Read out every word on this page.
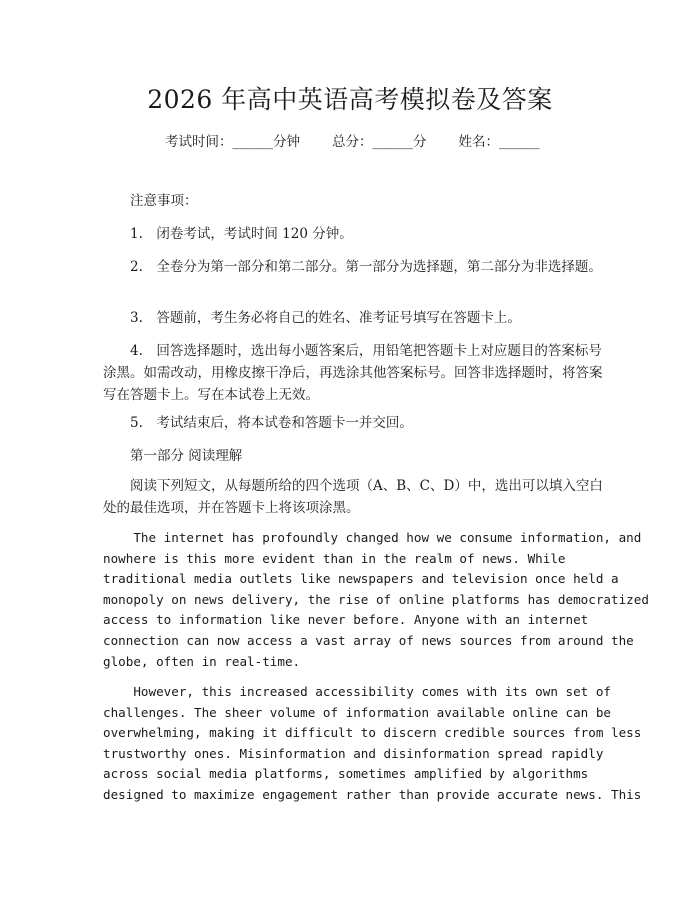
2026 年高中英语高考模拟卷及答案
考试时间：______分钟 总分：______分 姓名：______
注意事项：
1.　闭卷考试，考试时间 120 分钟。
2.　全卷分为第一部分和第二部分。第一部分为选择题，第二部分为非选择题。
3.　答题前，考生务必将自己的姓名、准考证号填写在答题卡上。
4.　回答选择题时，选出每小题答案后，用铅笔把答题卡上对应题目的答案标号涂黑。如需改动，用橡皮擦干净后，再选涂其他答案标号。回答非选择题时，将答案写在答题卡上。写在本试卷上无效。
5.　考试结束后，将本试卷和答题卡一并交回。
第一部分 阅读理解
阅读下列短文，从每题所给的四个选项（A、B、C、D）中，选出可以填入空白处的最佳选项，并在答题卡上将该项涂黑。
The internet has profoundly changed how we consume information, and
nowhere is this more evident than in the realm of news. While
traditional media outlets like newspapers and television once held a
monopoly on news delivery, the rise of online platforms has democratized
access to information like never before. Anyone with an internet
connection can now access a vast array of news sources from around the
globe, often in real-time.
However, this increased accessibility comes with its own set of
challenges. The sheer volume of information available online can be
overwhelming, making it difficult to discern credible sources from less
trustworthy ones. Misinformation and disinformation spread rapidly
across social media platforms, sometimes amplified by algorithms
designed to maximize engagement rather than provide accurate news. This
